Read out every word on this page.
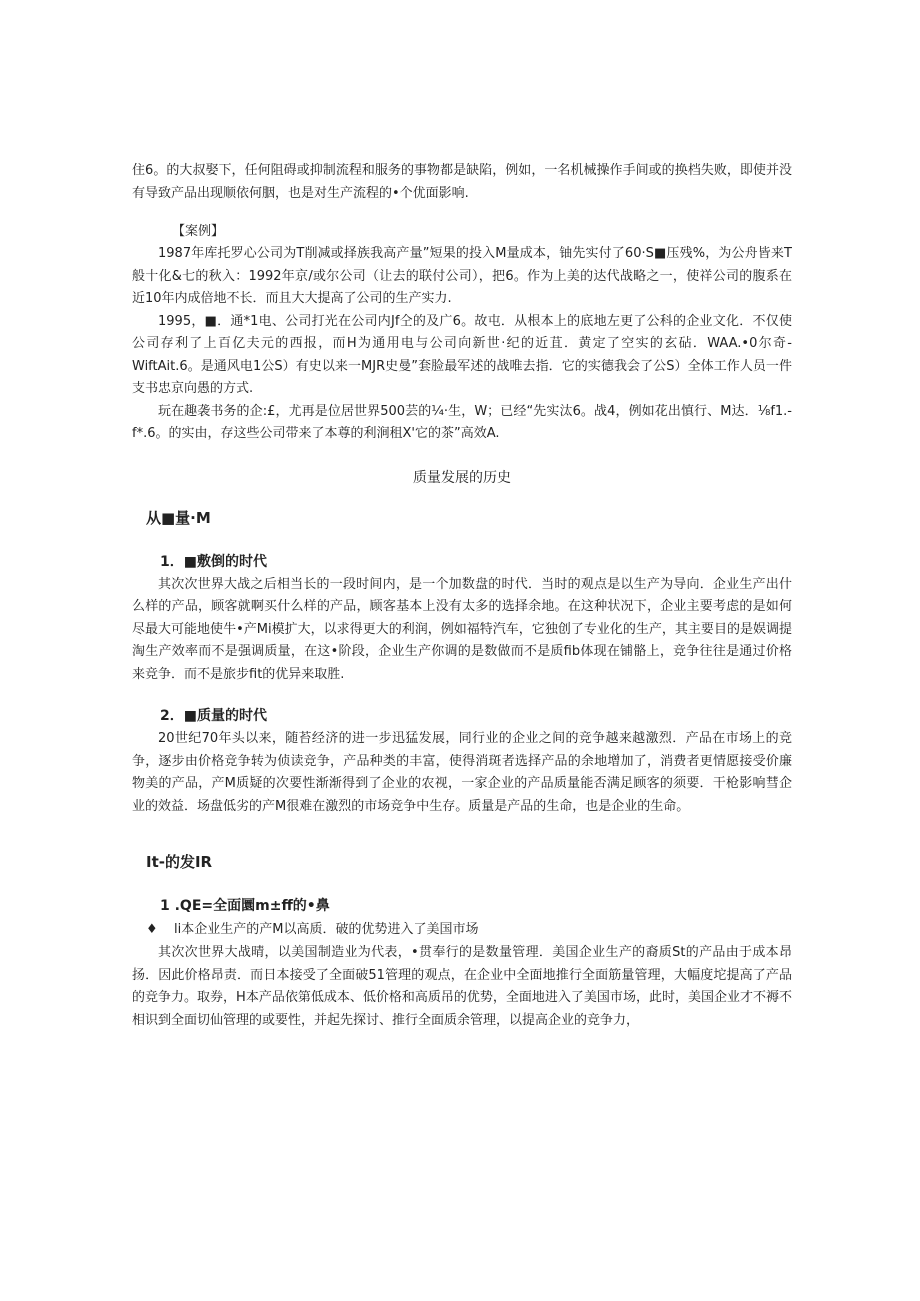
住6。的大叔娶下，任何阻碍或抑制流程和服务的事物都是缺陷，例如，一名机械操作手间或的换档失败，即使并没有导致产品出现顺依何胭，也是对生产流程的•个优面影响.

【案例】

1987年库托罗心公司为T削减或择族我高产量”短果的投入M量成本，铀先实付了60·S■压残%，为公舟皆来T般十化&七的秋入：1992年京/或尔公司（让去的联付公司），把6。作为上美的达代战略之一，使祥公司的腹系在近10年内成倍地不长．而且大大提高了公司的生产实力.

1995，■．通*1电、公司打光在公司内Jf仝的及广6。故屯．从根本上的底地左更了公科的企业文化．不仅使公司存利了上百亿夫元的西报，而H为通用电与公司向新世·纪的近苴．黄定了空实的玄砧．WAA.•0尔奇-WiftAit.6。是通风电1公S）有史以来一MJR史曼”套脸最军述的战唯去指．它的实德我会了公S）全体工作人员一件支书忠京向愚的方式.

玩在趣袭书务的企:£，尤再是位居世界500芸的¼·生，W；已经“先实汰6。战4，例如花出慎行、M达．⅛f1.-f*.6。的实由，存这些公司带来了本尊的利涧租X'它的茶”高效A.

质量发展的历史
从■量·M
1．■敷倒的时代

其次次世界大战之后相当长的一段时间内，是一个加数盘的时代．当时的观点是以生产为导向．企业生产出什么样的产品，顾客就啊买什么样的产品，顾客基本上没有太多的选择余地。在这种状况下，企业主要考虑的是如何尽最大可能地使牛•产Mi模扩大，以求得更大的利润，例如福特汽车，它独创了专业化的生产，其主要目的是娱调提淘生产效率而不是强调质量，在这•阶段，企业生产你调的是数做而不是质fib体现在铺骼上，竞争往往是通过价格来竞争．而不是旅步fit的优异来取胜.

2．■质量的时代

20世纪70年头以来，随苔经济的进一步迅猛发展，同行业的企业之间的竞争越来越激烈．产品在市场上的竞争，逐步由价格竞争转为侦读竞争，产品种类的丰富，使得消斑者选择产品的余地增加了，消费者更情愿接受价廉物美的产品，产M质疑的次要性渐渐得到了企业的农视，一家企业的产品质量能否满足顾客的须要．干枪影响彗企业的效益．场盘低劣的产M很难在激烈的市场竞争中生存。质量是产品的生命，也是企业的生命。

It-的发IR
1 .QE=全面圜m±ff的•鼻
♦ li本企业生产的产M以高质．破的优势进入了美国市场

其次次世界大战晴，以美国制造业为代表，•贯奉行的是数量管理．美国企业生产的裔质St的产品由于成本昂扬．因此价格昂责．而日本接受了全面破51管理的观点，在企业中全面地推行全面筋量管理，大幅度坨提高了产品的竞争力。取券，H本产品依第低成本、低价格和高质吊的优势，全面地进入了美国市场，此时，美国企业才不褥不相识到全面切仙管理的或要性，并起先探讨、推行全面质余管理，以提高企业的竞争力，
